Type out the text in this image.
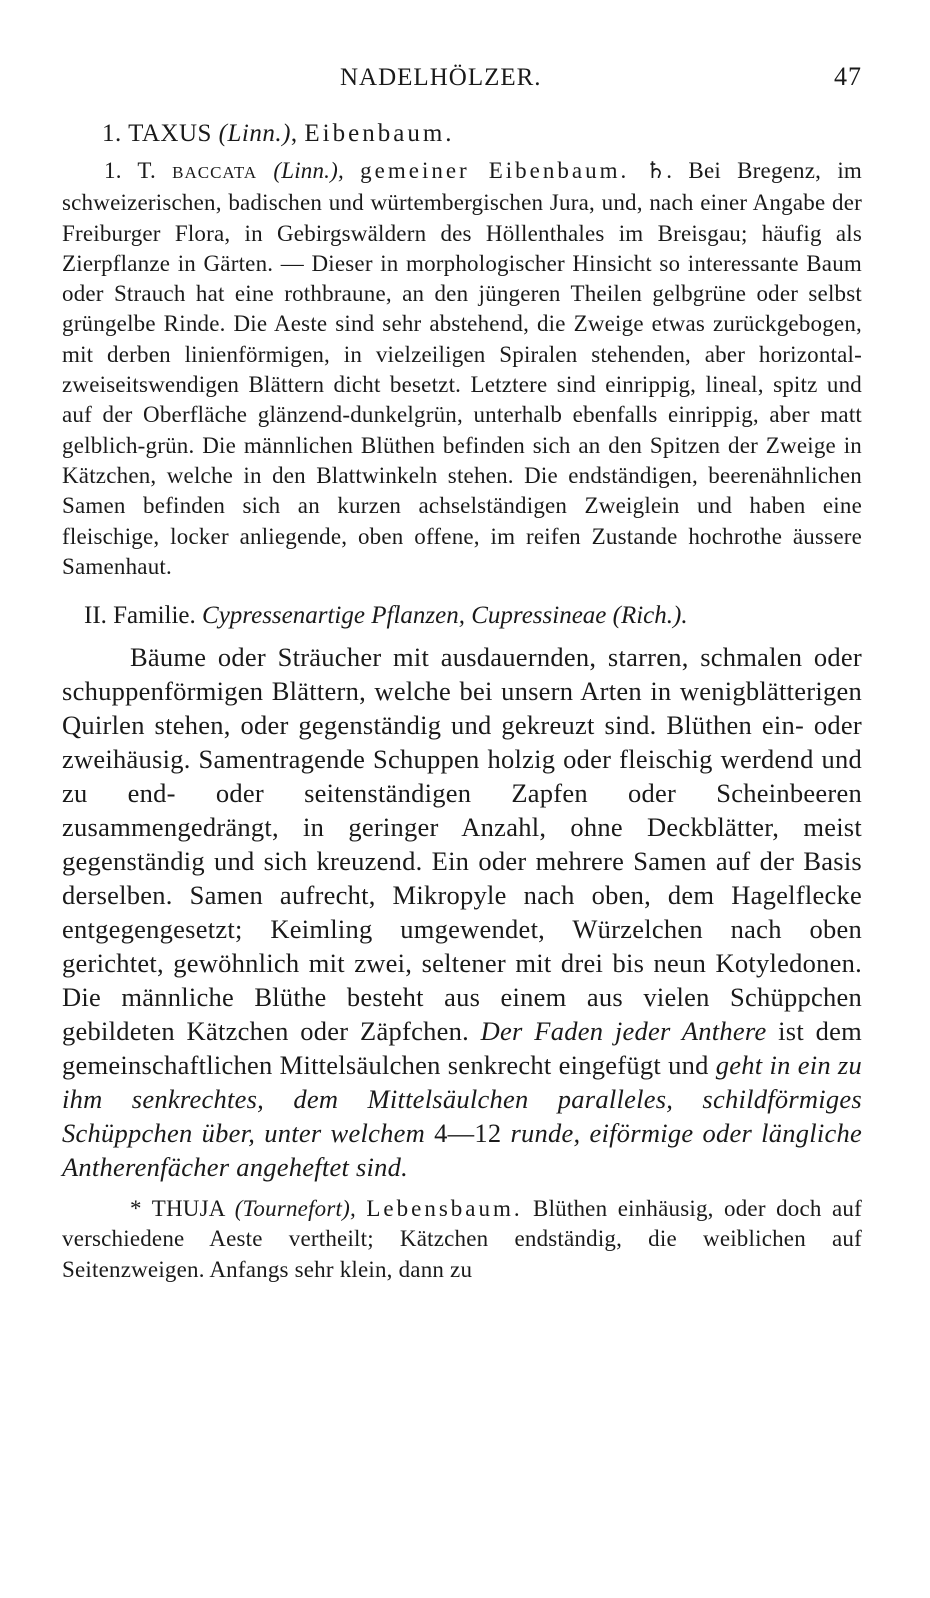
NADELHÖLZER.	47
1. TAXUS (Linn.), Eibenbaum.

1. T. BACCATA (Linn.), gemeiner Eibenbaum. ♄. Bei Bregenz, im schweizerischen, badischen und würtembergischen Jura, und, nach einer Angabe der Freiburger Flora, in Gebirgswäldern des Höllenthales im Breisgau; häufig als Zierpflanze in Gärten. — Dieser in morphologischer Hinsicht so interessante Baum oder Strauch hat eine rothbraune, an den jüngeren Theilen gelbgrüne oder selbst grüngelbe Rinde. Die Aeste sind sehr abstehend, die Zweige etwas zurückgebogen, mit derben linienförmigen, in vielzeiligen Spiralen stehenden, aber horizontal-zweiseitswendigen Blättern dicht besetzt. Letztere sind einrippig, lineal, spitz und auf der Oberfläche glänzend-dunkelgrün, unterhalb ebenfalls einrippig, aber matt gelblich-grün. Die männlichen Blüthen befinden sich an den Spitzen der Zweige in Kätzchen, welche in den Blattwinkeln stehen. Die endständigen, beerenähnlichen Samen befinden sich an kurzen achselständigen Zweiglein und haben eine fleischige, locker anliegende, oben offene, im reifen Zustande hochrothe äussere Samenhaut.

II. Familie. Cypressenartige Pflanzen, Cupressineae (Rich.).

Bäume oder Sträucher mit ausdauernden, starren, schmalen oder schuppenförmigen Blättern, welche bei unsern Arten in wenigblätterigen Quirlen stehen, oder gegenständig und gekreuzt sind. Blüthen ein- oder zweihäusig. Samentragende Schuppen holzig oder fleischig werdend und zu end- oder seitenständigen Zapfen oder Scheinbeeren zusammengedrängt, in geringer Anzahl, ohne Deckblätter, meist gegenständig und sich kreuzend. Ein oder mehrere Samen auf der Basis derselben. Samen aufrecht, Mikropyle nach oben, dem Hagelflecke entgegengesetzt; Keimling umgewendet, Würzelchen nach oben gerichtet, gewöhnlich mit zwei, seltener mit drei bis neun Kotyledonen. Die männliche Blüthe besteht aus einem aus vielen Schüppchen gebildeten Kätzchen oder Zäpfchen. Der Faden jeder Anthere ist dem gemeinschaftlichen Mittelsäulchen senkrecht eingefügt und geht in ein zu ihm senkrechtes, dem Mittelsäulchen paralleles, schildförmiges Schüppchen über, unter welchem 4—12 runde, eiförmige oder längliche Antherenfächer angeheftet sind.

* THUJA (Tournefort), Lebensbaum. Blüthen einhäusig, oder doch auf verschiedene Aeste vertheilt; Kätzchen endständig, die weiblichen auf Seitenzweigen. Anfangs sehr klein, dann zu
